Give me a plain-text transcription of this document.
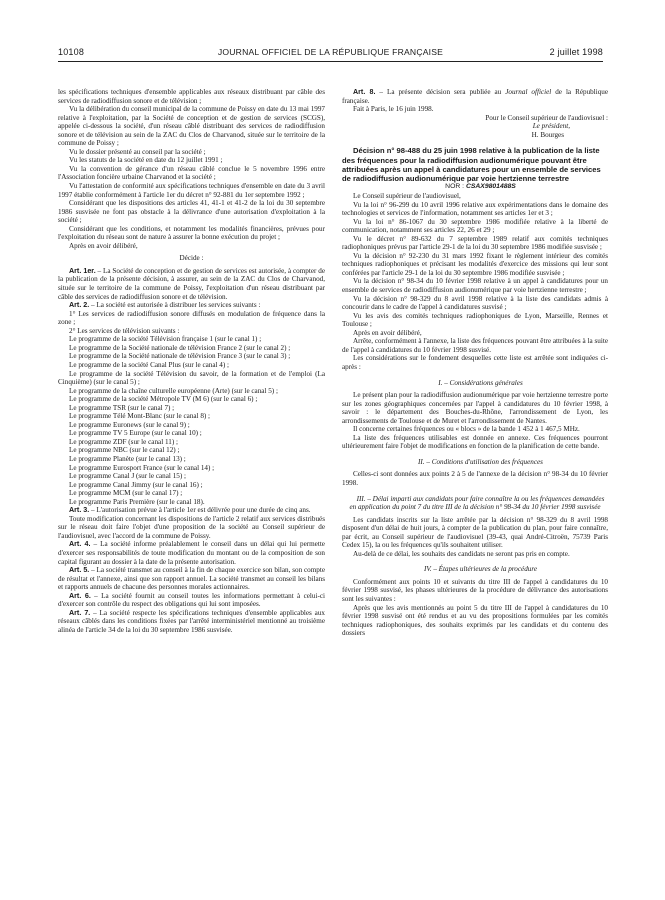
10108	JOURNAL OFFICIEL DE LA RÉPUBLIQUE FRANÇAISE	2 juillet 1998

les spécifications techniques d'ensemble applicables aux réseaux distribuant par câble des services de radiodiffusion sonore et de télévision ;

Vu la délibération du conseil municipal de la commune de Poissy en date du 13 mai 1997 relative à l'exploitation, par la Société de conception et de gestion de services (SCGS), appelée ci-dessous la société, d'un réseau câblé distribuant des services de radiodiffusion sonore et de télévision au sein de la ZAC du Clos de Charvanod, située sur le territoire de la commune de Poissy ;

Vu le dossier présenté au conseil par la société ;

Vu les statuts de la société en date du 12 juillet 1991 ;

Vu la convention de gérance d'un réseau câblé conclue le 5 novembre 1996 entre l'Association foncière urbaine Charvanod et la société ;

Vu l'attestation de conformité aux spécifications techniques d'ensemble en date du 3 avril 1997 établie conformément à l'article 1er du décret n° 92-881 du 1er septembre 1992 ;

Considérant que les dispositions des articles 41, 41-1 et 41-2 de la loi du 30 septembre 1986 susvisée ne font pas obstacle à la délivrance d'une autorisation d'exploitation à la société ;

Considérant que les conditions, et notamment les modalités financières, prévues pour l'exploitation du réseau sont de nature à assurer la bonne exécution du projet ;

Après en avoir délibéré,

Décide :

Art. 1er. – La Société de conception et de gestion de services est autorisée, à compter de la publication de la présente décision, à assurer, au sein de la ZAC du Clos de Charvanod, située sur le territoire de la commune de Poissy, l'exploitation d'un réseau distribuant par câble des services de radiodiffusion sonore et de télévision.

Art. 2. – La société est autorisée à distribuer les services suivants :

1° Les services de radiodiffusion sonore diffusés en modulation de fréquence dans la zone ;

2° Les services de télévision suivants :

Le programme de la société Télévision française 1 (sur le canal 1) ;

Le programme de la Société nationale de télévision France 2 (sur le canal 2) ;

Le programme de la Société nationale de télévision France 3 (sur le canal 3) ;

Le programme de la société Canal Plus (sur le canal 4) ;

Le programme de la société Télévision du savoir, de la formation et de l'emploi (La Cinquième) (sur le canal 5) ;

Le programme de la chaîne culturelle européenne (Arte) (sur le canal 5) ;

Le programme de la société Métropole TV (M 6) (sur le canal 6) ;

Le programme TSR (sur le canal 7) ;

Le programme Télé Mont-Blanc (sur le canal 8) ;

Le programme Euronews (sur le canal 9) ;

Le programme TV 5 Europe (sur le canal 10) ;

Le programme ZDF (sur le canal 11) ;

Le programme NBC (sur le canal 12) ;

Le programme Planète (sur le canal 13) ;

Le programme Eurosport France (sur le canal 14) ;

Le programme Canal J (sur le canal 15) ;

Le programme Canal Jimmy (sur le canal 16) ;

Le programme MCM (sur le canal 17) ;

Le programme Paris Première (sur le canal 18).

Art. 3. – L'autorisation prévue à l'article 1er est délivrée pour une durée de cinq ans.

Toute modification concernant les dispositions de l'article 2 relatif aux services distribués sur le réseau doit faire l'objet d'une proposition de la société au Conseil supérieur de l'audiovisuel, avec l'accord de la commune de Poissy.

Art. 4. – La société informe préalablement le conseil dans un délai qui lui permette d'exercer ses responsabilités de toute modification du montant ou de la composition de son capital figurant au dossier à la date de la présente autorisation.

Art. 5. – La société transmet au conseil à la fin de chaque exercice son bilan, son compte de résultat et l'annexe, ainsi que son rapport annuel. La société transmet au conseil les bilans et rapports annuels de chacune des personnes morales actionnaires.

Art. 6. – La société fournit au conseil toutes les informations permettant à celui-ci d'exercer son contrôle du respect des obligations qui lui sont imposées.

Art. 7. – La société respecte les spécifications techniques d'ensemble applicables aux réseaux câblés dans les conditions fixées par l'arrêté interministériel mentionné au troisième alinéa de l'article 34 de la loi du 30 septembre 1986 susvisée.

Art. 8. – La présente décision sera publiée au Journal officiel de la République française.

Fait à Paris, le 16 juin 1998.

Pour le Conseil supérieur de l'audiovisuel :

Le président,

H. Bourges

Décision n° 98-488 du 25 juin 1998 relative à la publication de la liste des fréquences pour la radiodiffusion audionumérique pouvant être attribuées après un appel à candidatures pour un ensemble de services de radiodiffusion audionumérique par voie hertzienne terrestre

NOR : CSAX9801488S

Le Conseil supérieur de l'audiovisuel,

Vu la loi n° 96-299 du 10 avril 1996 relative aux expérimentations dans le domaine des technologies et services de l'information, notamment ses articles 1er et 3 ;

Vu la loi n° 86-1067 du 30 septembre 1986 modifiée relative à la liberté de communication, notamment ses articles 22, 26 et 29 ;

Vu le décret n° 89-632 du 7 septembre 1989 relatif aux comités techniques radiophoniques prévus par l'article 29-1 de la loi du 30 septembre 1986 modifiée susvisée ;

Vu la décision n° 92-230 du 31 mars 1992 fixant le règlement intérieur des comités techniques radiophoniques et précisant les modalités d'exercice des missions qui leur sont conférées par l'article 29-1 de la loi du 30 septembre 1986 modifiée susvisée ;

Vu la décision n° 98-34 du 10 février 1998 relative à un appel à candidatures pour un ensemble de services de radiodiffusion audionumérique par voie hertzienne terrestre ;

Vu la décision n° 98-329 du 8 avril 1998 relative à la liste des candidats admis à concourir dans le cadre de l'appel à candidatures susvisé ;

Vu les avis des comités techniques radiophoniques de Lyon, Marseille, Rennes et Toulouse ;

Après en avoir délibéré,

Arrête, conformément à l'annexe, la liste des fréquences pouvant être attribuées à la suite de l'appel à candidatures du 10 février 1998 susvisé.

Les considérations sur le fondement desquelles cette liste est arrêtée sont indiquées ci-après :

I. – Considérations générales

Le présent plan pour la radiodiffusion audionumérique par voie hertzienne terrestre porte sur les zones géographiques concernées par l'appel à candidatures du 10 février 1998, à savoir : le département des Bouches-du-Rhône, l'arrondissement de Lyon, les arrondissements de Toulouse et de Muret et l'arrondissement de Nantes.

Il concerne certaines fréquences ou « blocs » de la bande 1 452 à 1 467,5 MHz.

La liste des fréquences utilisables est donnée en annexe. Ces fréquences pourront ultérieurement faire l'objet de modifications en fonction de la planification de cette bande.

II. – Conditions d'utilisation des fréquences

Celles-ci sont données aux points 2 à 5 de l'annexe de la décision n° 98-34 du 10 février 1998.

III. – Délai imparti aux candidats pour faire connaître la ou les fréquences demandées en application du point 7 du titre III de la décision n° 98-34 du 10 février 1998 susvisée

Les candidats inscrits sur la liste arrêtée par la décision n° 98-329 du 8 avril 1998 disposent d'un délai de huit jours, à compter de la publication du plan, pour faire connaître, par écrit, au Conseil supérieur de l'audiovisuel (39-43, quai André-Citroën, 75739 Paris Cedex 15), la ou les fréquences qu'ils souhaitent utiliser.

Au-delà de ce délai, les souhaits des candidats ne seront pas pris en compte.

IV. – Étapes ultérieures de la procédure

Conformément aux points 10 et suivants du titre III de l'appel à candidatures du 10 février 1998 susvisé, les phases ultérieures de la procédure de délivrance des autorisations sont les suivantes :

Après que les avis mentionnés au point 5 du titre III de l'appel à candidatures du 10 février 1998 susvisé ont été rendus et au vu des propositions formulées par les comités techniques radiophoniques, des souhaits exprimés par les candidats et du contenu des dossiers
